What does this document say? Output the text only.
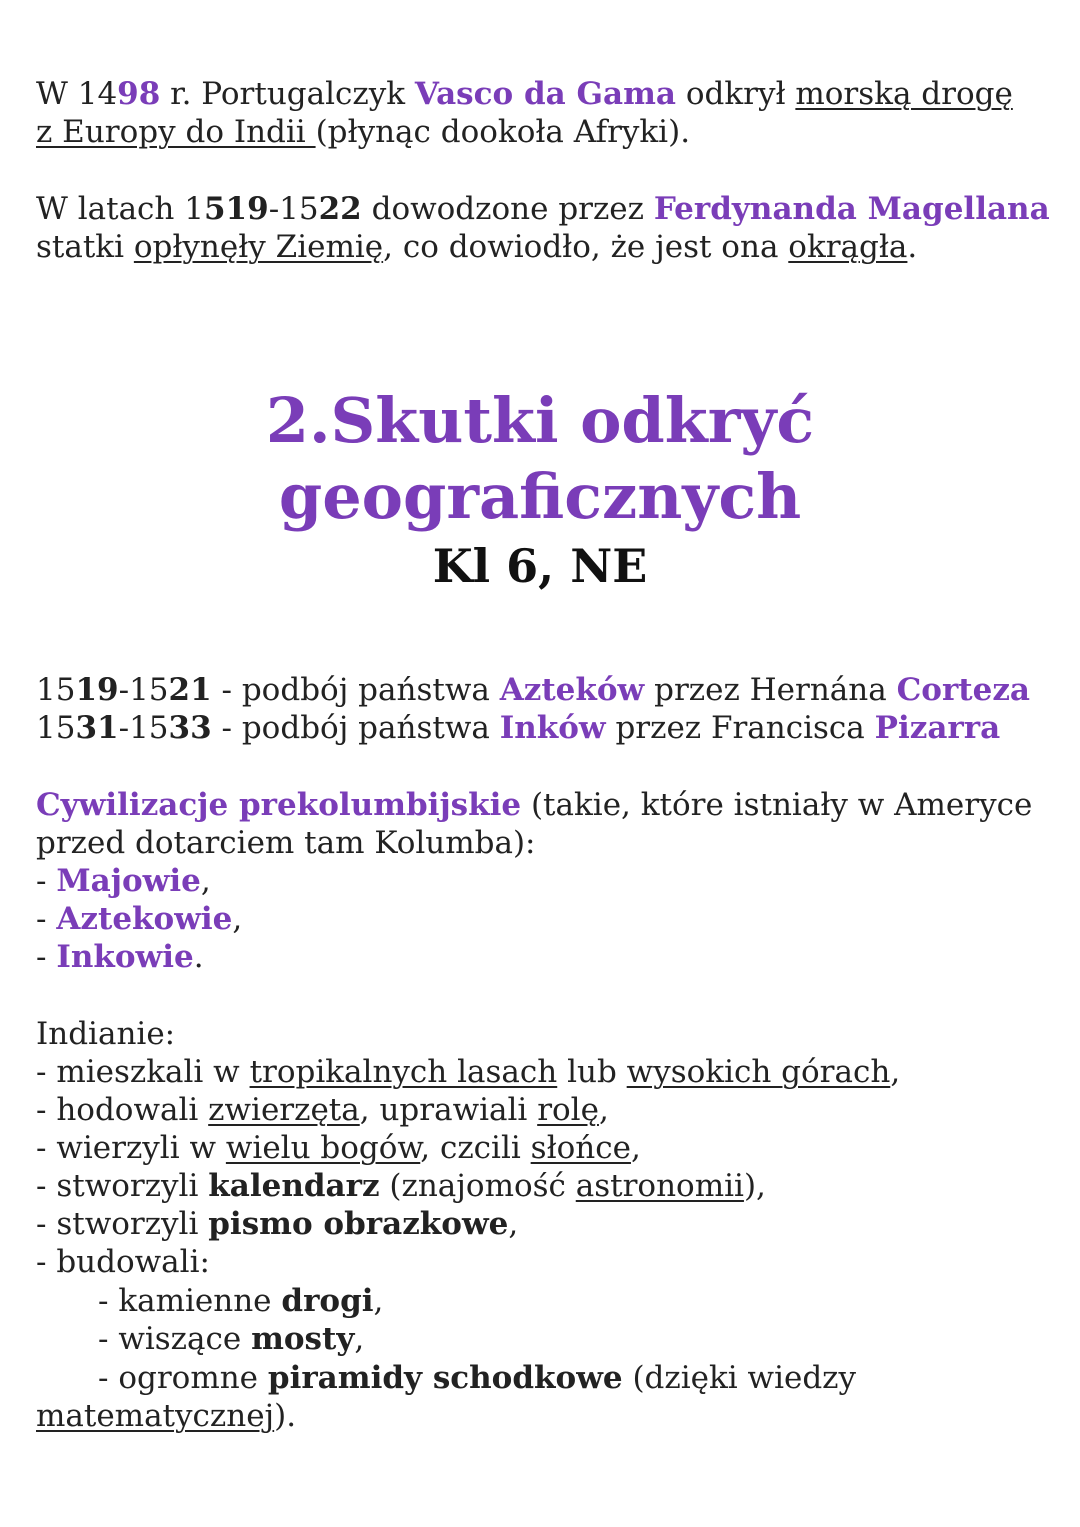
W 1498 r. Portugalczyk Vasco da Gama odkrył morską drogę
z Europy do Indii (płynąc dookoła Afryki).
W latach 1519-1522 dowodzone przez Ferdynanda Magellana
statki opłynęły Ziemię, co dowiodło, że jest ona okrągła.
2.Skutki odkryć
geograficznych
Kl 6, NE
1519-1521 - podbój państwa Azteków przez Hernána Corteza
1531-1533 - podbój państwa Inków przez Francisca Pizarra
Cywilizacje prekolumbijskie (takie, które istniały w Ameryce
przed dotarciem tam Kolumba):
- Majowie,
- Aztekowie,
- Inkowie.
Indianie:
- mieszkali w tropikalnych lasach lub wysokich górach,
- hodowali zwierzęta, uprawiali rolę,
- wierzyli w wielu bogów, czcili słońce,
- stworzyli kalendarz (znajomość astronomii),
- stworzyli pismo obrazkowe,
- budowali:
- kamienne drogi,
- wiszące mosty,
- ogromne piramidy schodkowe (dzięki wiedzy
matematycznej).
